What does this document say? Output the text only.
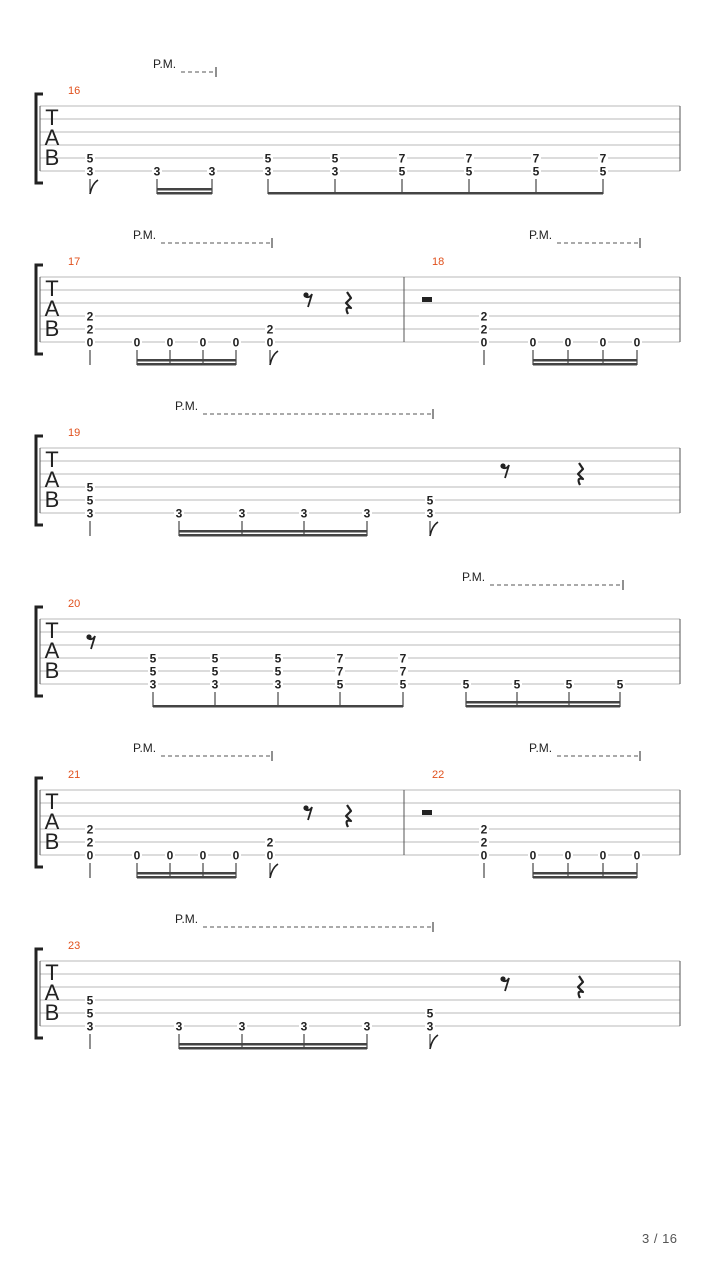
T
A
B
P.M.
16
5
3	3	3
5
3
5
3
7
5
7
5
7
5
7
5
T
A
B
P.M.	P.M.
17
2
2
0	0 0 0 0
2
0
18
2
2
0	0 0 0 0
T
A
B
P.M.
19
5
5
3	3	3	3	3
5
3
T
A
B
P.M.
20
5
5
3
5
5
3
5
5
3
7
7
5
7
7
5	5	5	5	5
T
A
B
P.M.	P.M.
21
2
2
0	0 0 0 0
2
0
22
2
2
0	0 0 0 0
T
A
B
P.M.
23
5
5
3	3	3	3	3
5
3
3 / 16
